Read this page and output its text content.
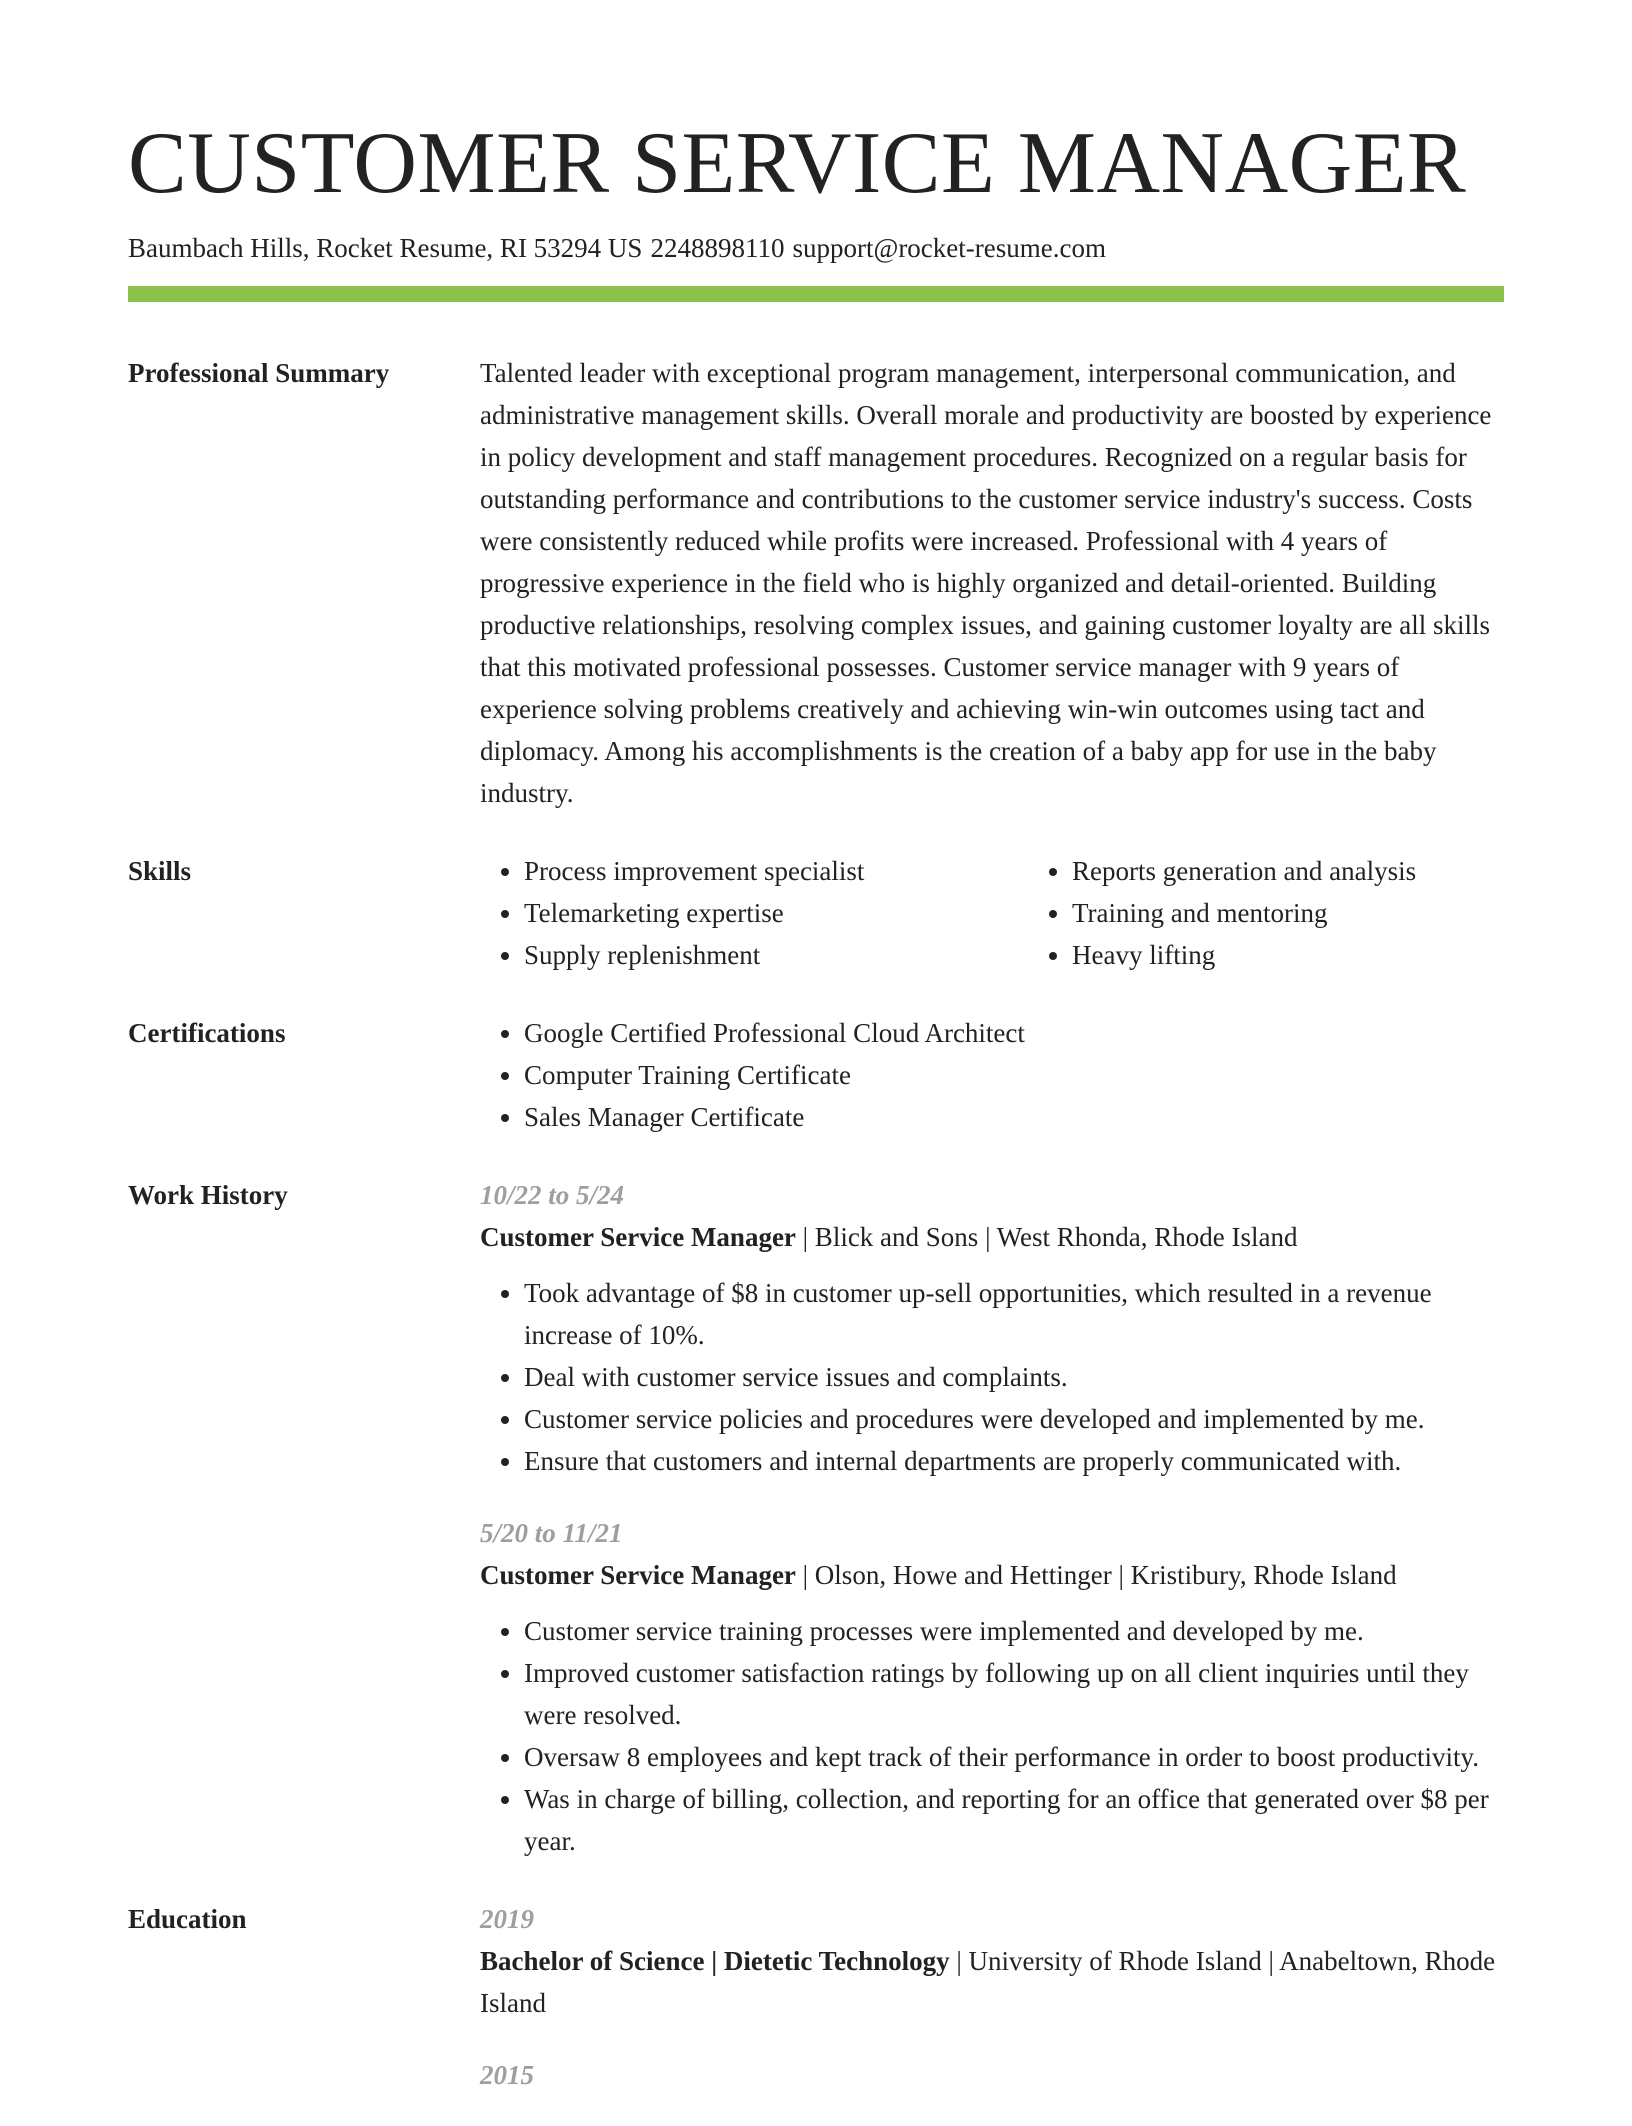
CUSTOMER SERVICE MANAGER
Baumbach Hills, Rocket Resume, RI 53294 US 2248898110 support@rocket-resume.com
Professional Summary	Talented leader with exceptional program management, interpersonal communication, and administrative management skills. Overall morale and productivity are boosted by experience in policy development and staff management procedures. Recognized on a regular basis for outstanding performance and contributions to the customer service industry's success. Costs were consistently reduced while profits were increased. Professional with 4 years of progressive experience in the field who is highly organized and detail-oriented. Building productive relationships, resolving complex issues, and gaining customer loyalty are all skills that this motivated professional possesses. Customer service manager with 9 years of experience solving problems creatively and achieving win-win outcomes using tact and diplomacy. Among his accomplishments is the creation of a baby app for use in the baby industry.

Skills	• Process improvement specialist
• Telemarketing expertise
• Supply replenishment
• Reports generation and analysis
• Training and mentoring
• Heavy lifting
Certifications	• Google Certified Professional Cloud Architect
• Computer Training Certificate
• Sales Manager Certificate
Work History	10/22 to 5/24
Customer Service Manager | Blick and Sons | West Rhonda, Rhode Island
• Took advantage of $8 in customer up-sell opportunities, which resulted in a revenue increase of 10%.
• Deal with customer service issues and complaints.
• Customer service policies and procedures were developed and implemented by me.
• Ensure that customers and internal departments are properly communicated with.
5/20 to 11/21
Customer Service Manager | Olson, Howe and Hettinger | Kristibury, Rhode Island
• Customer service training processes were implemented and developed by me.
• Improved customer satisfaction ratings by following up on all client inquiries until they were resolved.
• Oversaw 8 employees and kept track of their performance in order to boost productivity.
• Was in charge of billing, collection, and reporting for an office that generated over $8 per year.
Education	2019
Bachelor of Science | Dietetic Technology | University of Rhode Island | Anabeltown, Rhode Island
2015
